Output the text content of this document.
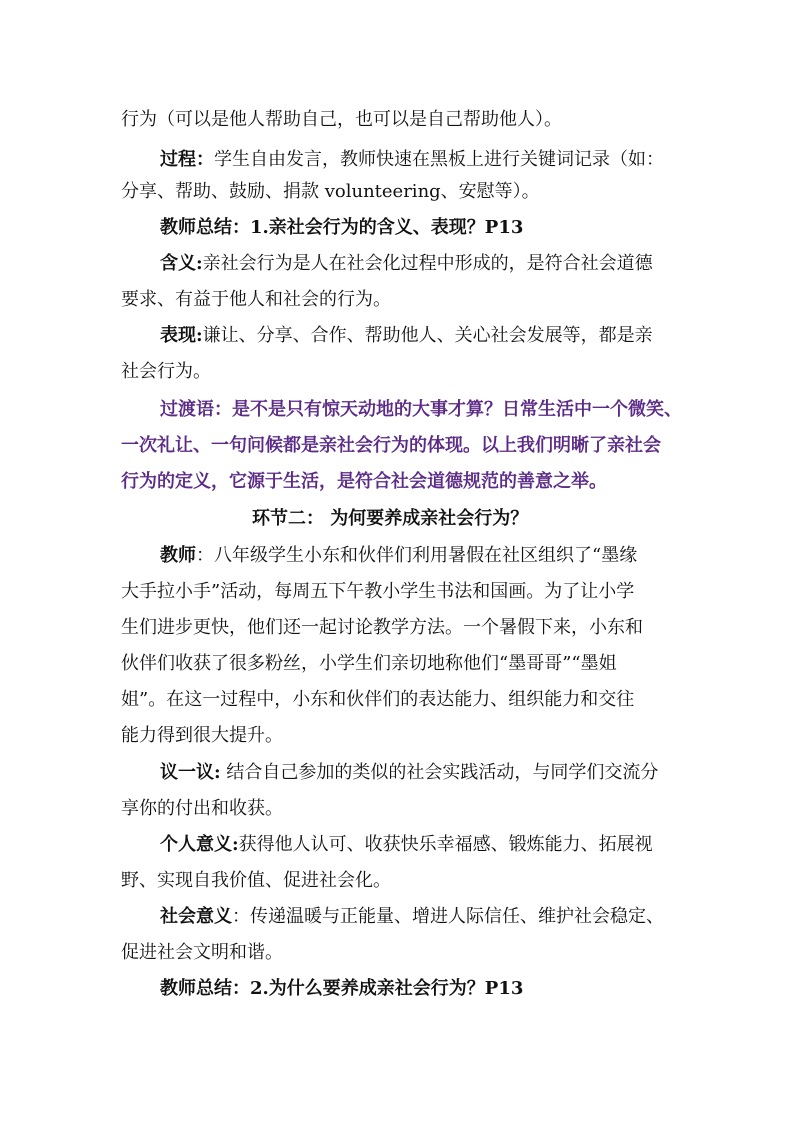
行为（可以是他人帮助自己，也可以是自己帮助他人）。
过程：学生自由发言，教师快速在黑板上进行关键词记录（如：
分享、帮助、鼓励、捐款 volunteering、安慰等）。
教师总结：1.亲社会行为的含义、表现？P13
含义:亲社会行为是人在社会化过程中形成的，是符合社会道德
要求、有益于他人和社会的行为。
表现:谦让、分享、合作、帮助他人、关心社会发展等，都是亲
社会行为。
过渡语：是不是只有惊天动地的大事才算？日常生活中一个微笑、
一次礼让、一句问候都是亲社会行为的体现。以上我们明晰了亲社会
行为的定义，它源于生活，是符合社会道德规范的善意之举。
环节二： 为何要养成亲社会行为？
教师：八年级学生小东和伙伴们利用暑假在社区组织了“墨缘
大手拉小手”活动，每周五下午教小学生书法和国画。为了让小学
生们进步更快，他们还一起讨论教学方法。一个暑假下来，小东和
伙伴们收获了很多粉丝，小学生们亲切地称他们“墨哥哥”“墨姐
姐”。在这一过程中，小东和伙伴们的表达能力、组织能力和交往
能力得到很大提升。
议一议: 结合自己参加的类似的社会实践活动，与同学们交流分
享你的付出和收获。
个人意义:获得他人认可、收获快乐幸福感、锻炼能力、拓展视
野、实现自我价值、促进社会化。
社会意义：传递温暖与正能量、增进人际信任、维护社会稳定、
促进社会文明和谐。
教师总结：2.为什么要养成亲社会行为？P13
